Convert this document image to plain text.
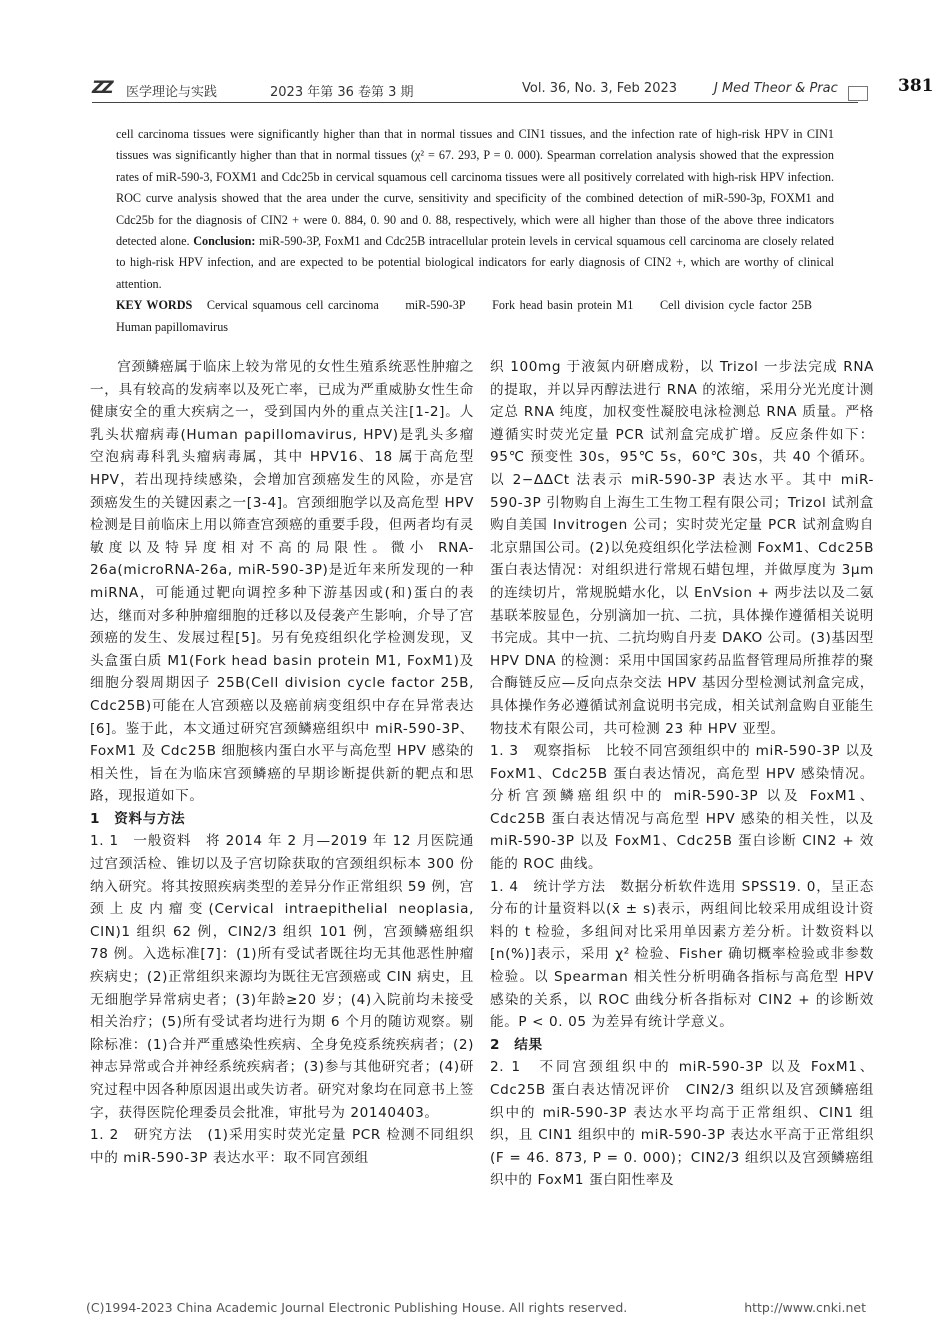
ZZ 医学理论与实践	2023 年第 36 卷第 3 期	Vol. 36, No. 3, Feb 2023	J Med Theor & Prac	381

cell carcinoma tissues were significantly higher than that in normal tissues and CIN1 tissues, and the infection rate of high-risk HPV in CIN1 tissues was significantly higher than that in normal tissues (χ² = 67. 293, P = 0. 000). Spearman correlation analysis showed that the expression rates of miR-590-3, FOXM1 and Cdc25b in cervical squamous cell carcinoma tissues were all positively correlated with high-risk HPV infection. ROC curve analysis showed that the area under the curve, sensitivity and specificity of the combined detection of miR-590-3p, FOXM1 and Cdc25b for the diagnosis of CIN2 + were 0. 884, 0. 90 and 0. 88, respectively, which were all higher than those of the above three indicators detected alone. Conclusion: miR-590-3P, FoxM1 and Cdc25B intracellular protein levels in cervical squamous cell carcinoma are closely related to high-risk HPV infection, and are expected to be potential biological indicators for early diagnosis of CIN2 +, which are worthy of clinical attention.

KEY WORDS Cervical squamous cell carcinoma miR-590-3P Fork head basin protein M1 Cell division cycle factor 25B Human papillomavirus

宫颈鳞癌属于临床上较为常见的女性生殖系统恶性肿瘤之一，具有较高的发病率以及死亡率，已成为严重威胁女性生命健康安全的重大疾病之一，受到国内外的重点关注[1-2]。人乳头状瘤病毒(Human papillomavirus, HPV)是乳头多瘤空泡病毒科乳头瘤病毒属，其中 HPV16、18 属于高危型 HPV，若出现持续感染，会增加宫颈癌发生的风险，亦是宫颈癌发生的关键因素之一[3-4]。宫颈细胞学以及高危型 HPV 检测是目前临床上用以筛查宫颈癌的重要手段，但两者均有灵敏度以及特异度相对不高的局限性。微小 RNA-26a(microRNA-26a, miR-590-3P)是近年来所发现的一种 miRNA，可能通过靶向调控多种下游基因或(和)蛋白的表达，继而对多种肿瘤细胞的迁移以及侵袭产生影响，介导了宫颈癌的发生、发展过程[5]。另有免疫组织化学检测发现，叉头盒蛋白质 M1(Fork head basin protein M1, FoxM1)及细胞分裂周期因子 25B(Cell division cycle factor 25B, Cdc25B)可能在人宫颈癌以及癌前病变组织中存在异常表达[6]。鉴于此，本文通过研究宫颈鳞癌组织中 miR-590-3P、FoxM1 及 Cdc25B 细胞核内蛋白水平与高危型 HPV 感染的相关性，旨在为临床宫颈鳞癌的早期诊断提供新的靶点和思路，现报道如下。

1　资料与方法

1. 1　一般资料　 将 2014 年 2 月—2019 年 12 月医院通过宫颈活检、锥切以及子宫切除获取的宫颈组织标本 300 份纳入研究。将其按照疾病类型的差异分作正常组织 59 例，宫颈上皮内瘤变(Cervical intraepithelial neoplasia, CIN)1 组织 62 例，CIN2/3 组织 101 例，宫颈鳞癌组织 78 例。入选标准[7]：(1)所有受试者既往均无其他恶性肿瘤疾病史；(2)正常组织来源均为既往无宫颈癌或 CIN 病史，且无细胞学异常病史者；(3)年龄≥20 岁；(4)入院前均未接受相关治疗；(5)所有受试者均进行为期 6 个月的随访观察。剔除标准：(1)合并严重感染性疾病、全身免疫系统疾病者；(2)神志异常或合并神经系统疾病者；(3)参与其他研究者；(4)研究过程中因各种原因退出或失访者。研究对象均在同意书上签字，获得医院伦理委员会批准，审批号为 20140403。

1. 2　研究方法　 (1)采用实时荧光定量 PCR 检测不同组织中的 miR-590-3P 表达水平：取不同宫颈组

织 100mg 于液氮内研磨成粉，以 Trizol 一步法完成 RNA 的提取，并以异丙醇法进行 RNA 的浓缩，采用分光光度计测定总 RNA 纯度，加权变性凝胶电泳检测总 RNA 质量。严格遵循实时荧光定量 PCR 试剂盒完成扩增。反应条件如下：95℃ 预变性 30s，95℃ 5s，60℃ 30s，共 40 个循环。以 2−ΔΔCt 法表示 miR-590-3P 表达水平。其中 miR-590-3P 引物购自上海生工生物工程有限公司；Trizol 试剂盒购自美国 Invitrogen 公司；实时荧光定量 PCR 试剂盒购自北京鼎国公司。(2)以免疫组织化学法检测 FoxM1、Cdc25B 蛋白表达情况：对组织进行常规石蜡包埋，并做厚度为 3μm 的连续切片，常规脱蜡水化，以 EnVsion + 两步法以及二氨基联苯胺显色，分别滴加一抗、二抗，具体操作遵循相关说明书完成。其中一抗、二抗均购自丹麦 DAKO 公司。(3)基因型 HPV DNA 的检测：采用中国国家药品监督管理局所推荐的聚合酶链反应—反向点杂交法 HPV 基因分型检测试剂盒完成，具体操作务必遵循试剂盒说明书完成，相关试剂盒购自亚能生物技术有限公司，共可检测 23 种 HPV 亚型。

1. 3　观察指标　 比较不同宫颈组织中的 miR-590-3P 以及 FoxM1、Cdc25B 蛋白表达情况，高危型 HPV 感染情况。分析宫颈鳞癌组织中的 miR-590-3P 以及 FoxM1、Cdc25B 蛋白表达情况与高危型 HPV 感染的相关性，以及 miR-590-3P 以及 FoxM1、Cdc25B 蛋白诊断 CIN2 + 效能的 ROC 曲线。

1. 4　统计学方法　 数据分析软件选用 SPSS19. 0，呈正态分布的计量资料以(x̄ ± s)表示，两组间比较采用成组设计资料的 t 检验，多组间对比采用单因素方差分析。计数资料以[n(%)]表示，采用 χ² 检验、Fisher 确切概率检验或非参数检验。以 Spearman 相关性分析明确各指标与高危型 HPV 感染的关系，以 ROC 曲线分析各指标对 CIN2 + 的诊断效能。P < 0. 05 为差异有统计学意义。

2　结果

2. 1　不同宫颈组织中的 miR-590-3P 以及 FoxM1、Cdc25B 蛋白表达情况评价　 CIN2/3 组织以及宫颈鳞癌组织中的 miR-590-3P 表达水平均高于正常组织、CIN1 组织，且 CIN1 组织中的 miR-590-3P 表达水平高于正常组织(F = 46. 873, P = 0. 000)；CIN2/3 组织以及宫颈鳞癌组织中的 FoxM1 蛋白阳性率及

(C)1994-2023 China Academic Journal Electronic Publishing House. All rights reserved.	http://www.cnki.net
